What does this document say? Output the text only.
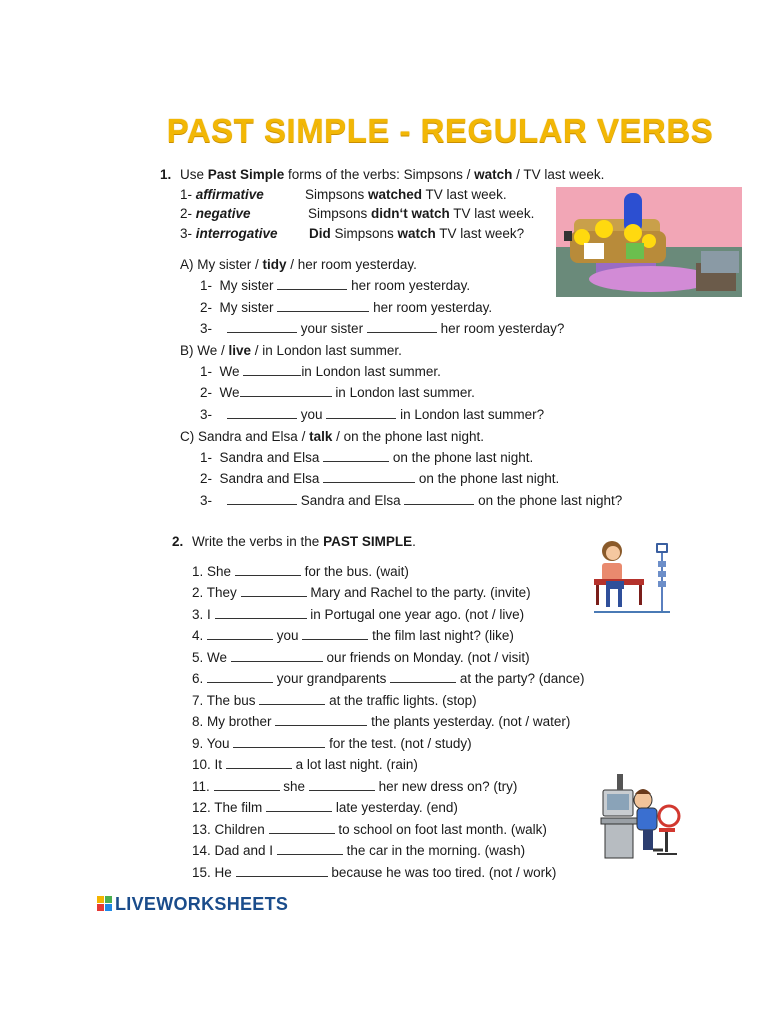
PAST SIMPLE - REGULAR VERBS
1. Use Past Simple forms of the verbs: Simpsons / watch / TV last week.
1- affirmative	Simpsons watched TV last week.
2- negative	Simpsons didn‘t watch TV last week.
3- interrogative Did Simpsons watch TV last week?
A) My sister / tidy / her room yesterday.
1- My sister	her room yesterday.
2- My sister	her room yesterday.
3-	your sister	her room yesterday?
B) We / live / in London last summer.
1- We	in London last summer.
2- We	in London last summer.
3-	you	in London last summer?
C) Sandra and Elsa / talk / on the phone last night.
1- Sandra and Elsa	on the phone last night.
2- Sandra and Elsa	on the phone last night.
3-	Sandra and Elsa	on the phone last night?
2. Write the verbs in the PAST SIMPLE.
1. She	for the bus. (wait)
2. They	Mary and Rachel to the party. (invite)
3. I	in Portugal one year ago. (not / live)
4.	you	the film last night? (like)
5. We	our friends on Monday. (not / visit)
6.	your grandparents	at the party? (dance)
7. The bus	at the traffic lights. (stop)
8. My brother	the plants yesterday. (not / water)
9. You	for the test. (not / study)
10. It	a lot last night. (rain)
11.	she	her new dress on? (try)
12. The film	late yesterday. (end)
13. Children	to school on foot last month. (walk)
14. Dad and I	the car in the morning. (wash)
15. He	because he was too tired. (not / work)
LIVEWORKSHEETS
